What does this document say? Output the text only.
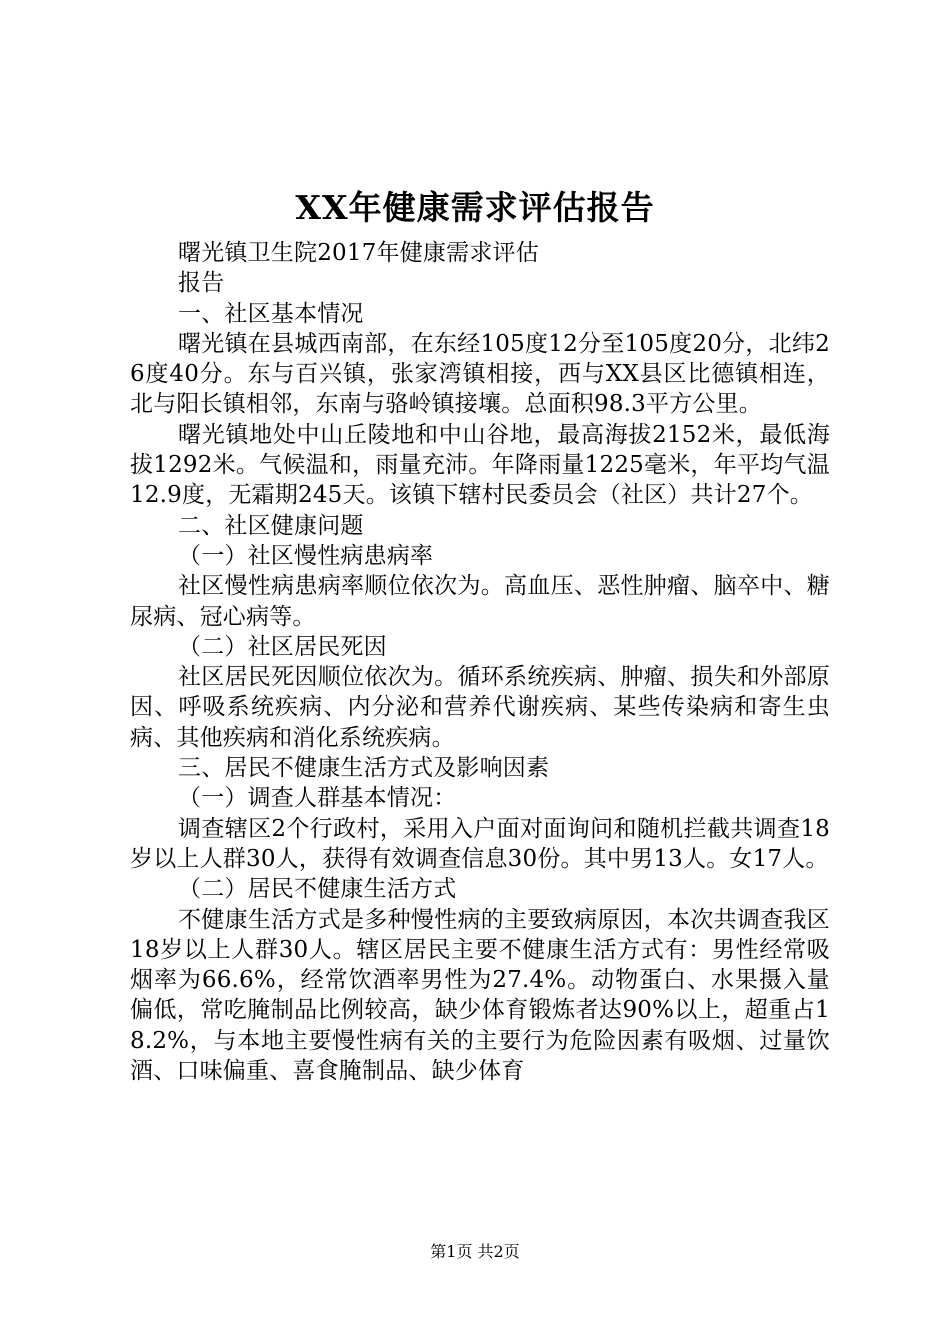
XX年健康需求评估报告

曙光镇卫生院2017年健康需求评估

报告

一、社区基本情况

曙光镇在县城西南部，在东经105度12分至105度20分，北纬26度40分。东与百兴镇，张家湾镇相接，西与XX县区比德镇相连，北与阳长镇相邻，东南与骆岭镇接壤。总面积98.3平方公里。

曙光镇地处中山丘陵地和中山谷地，最高海拔2152米，最低海拔1292米。气候温和，雨量充沛。年降雨量1225毫米，年平均气温12.9度，无霜期245天。该镇下辖村民委员会（社区）共计27个。

二、社区健康问题

（一）社区慢性病患病率

社区慢性病患病率顺位依次为。高血压、恶性肿瘤、脑卒中、糖尿病、冠心病等。

（二）社区居民死因

社区居民死因顺位依次为。循环系统疾病、肿瘤、损失和外部原因、呼吸系统疾病、内分泌和营养代谢疾病、某些传染病和寄生虫病、其他疾病和消化系统疾病。

三、居民不健康生活方式及影响因素

（一）调查人群基本情况：

调查辖区2个行政村，采用入户面对面询问和随机拦截共调查18岁以上人群30人，获得有效调查信息30份。其中男13人。女17人。

（二）居民不健康生活方式

不健康生活方式是多种慢性病的主要致病原因，本次共调查我区18岁以上人群30人。辖区居民主要不健康生活方式有：男性经常吸烟率为66.6%，经常饮酒率男性为27.4%。动物蛋白、水果摄入量偏低，常吃腌制品比例较高，缺少体育锻炼者达90%以上，超重占18.2%，与本地主要慢性病有关的主要行为危险因素有吸烟、过量饮酒、口味偏重、喜食腌制品、缺少体育

第1页 共2页
